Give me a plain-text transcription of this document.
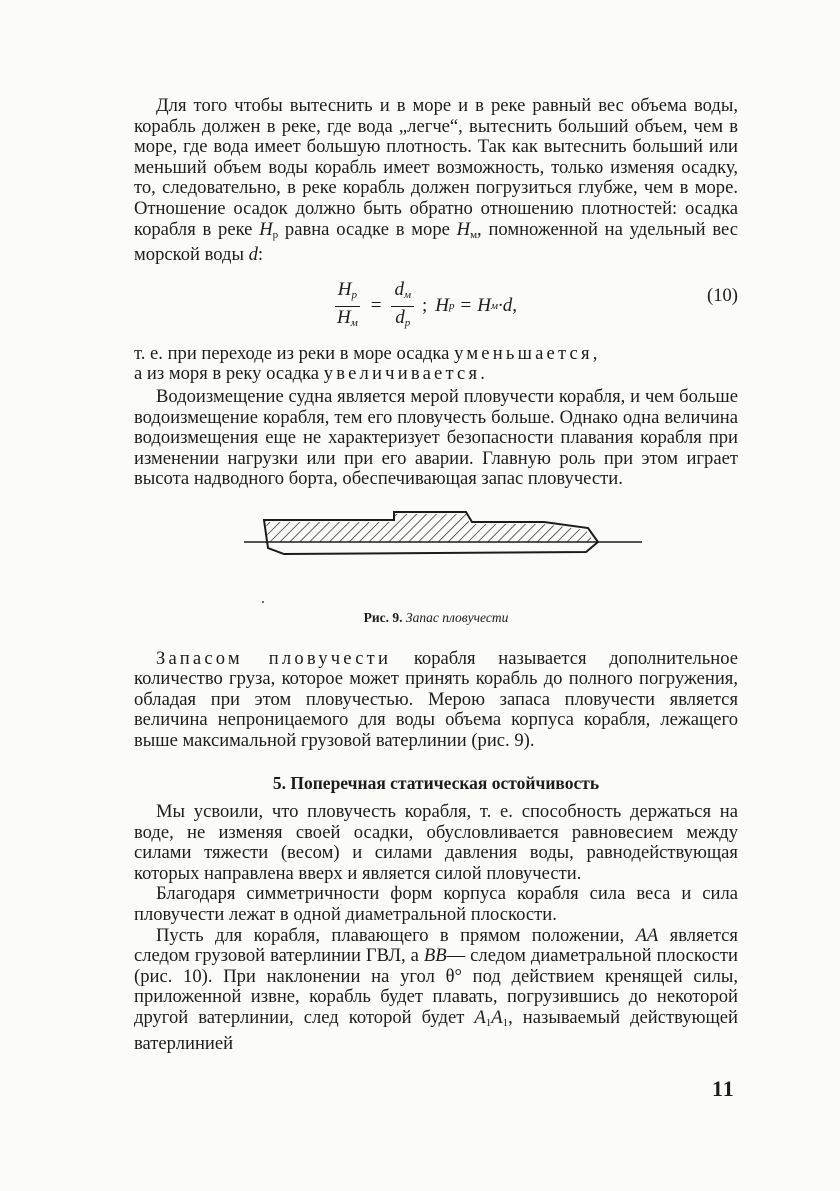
Для того чтобы вытеснить и в море и в реке равный вес объема воды, корабль должен в реке, где вода „легче“, вытеснить больший объем, чем в море, где вода имеет большую плотность. Так как вытеснить больший или меньший объем воды корабль имеет возможность, только изменяя осадку, то, следовательно, в реке корабль должен погрузиться глубже, чем в море. Отношение осадок должно быть обратно отношению плотностей: осадка корабля в реке $H_р$ равна осадке в море $H_м$, помноженной на удельный вес морской воды d:

$\frac{H_р}{H_м} = \frac{d_м}{d_р}$ ; H р = H м ·d,	(10)

т. е. при переходе из реки в море осадка уменьшается,
а из моря в реку осадка увеличивается.

Водоизмещение судна является мерой пловучести корабля, и чем больше водоизмещение корабля, тем его пловучесть больше. Однако одна величина водоизмещения еще не характеризует безопасности плавания корабля при изменении нагрузки или при его аварии. Главную роль при этом играет высота надводного борта, обеспечивающая запас пловучести.

Рис. 9. Запас пловучести

Запасом пловучести корабля называется дополнительное количество груза, которое может принять корабль до полного погружения, обладая при этом пловучестью. Мерою запаса пловучести является величина непроницаемого для воды объема корпуса корабля, лежащего выше максимальной грузовой ватерлинии (рис. 9).

5. Поперечная статическая остойчивость

Мы усвоили, что пловучесть корабля, т. е. способность держаться на воде, не изменяя своей осадки, обусловливается равновесием между силами тяжести (весом) и силами давления воды, равнодействующая которых направлена вверх и является силой пловучести.

Благодаря симметричности форм корпуса корабля сила веса и сила пловучести лежат в одной диаметральной плоскости.

Пусть для корабля, плавающего в прямом положении, AA является следом грузовой ватерлинии ГВЛ, а BB— следом диаметральной плоскости (рис. 10). При наклонении на угол θ° под действием кренящей силы, приложенной извне, корабль будет плавать, погрузившись до некоторой другой ватерлинии, след которой будет $A_1A_1$, называемый действующей ватерлинией

11
